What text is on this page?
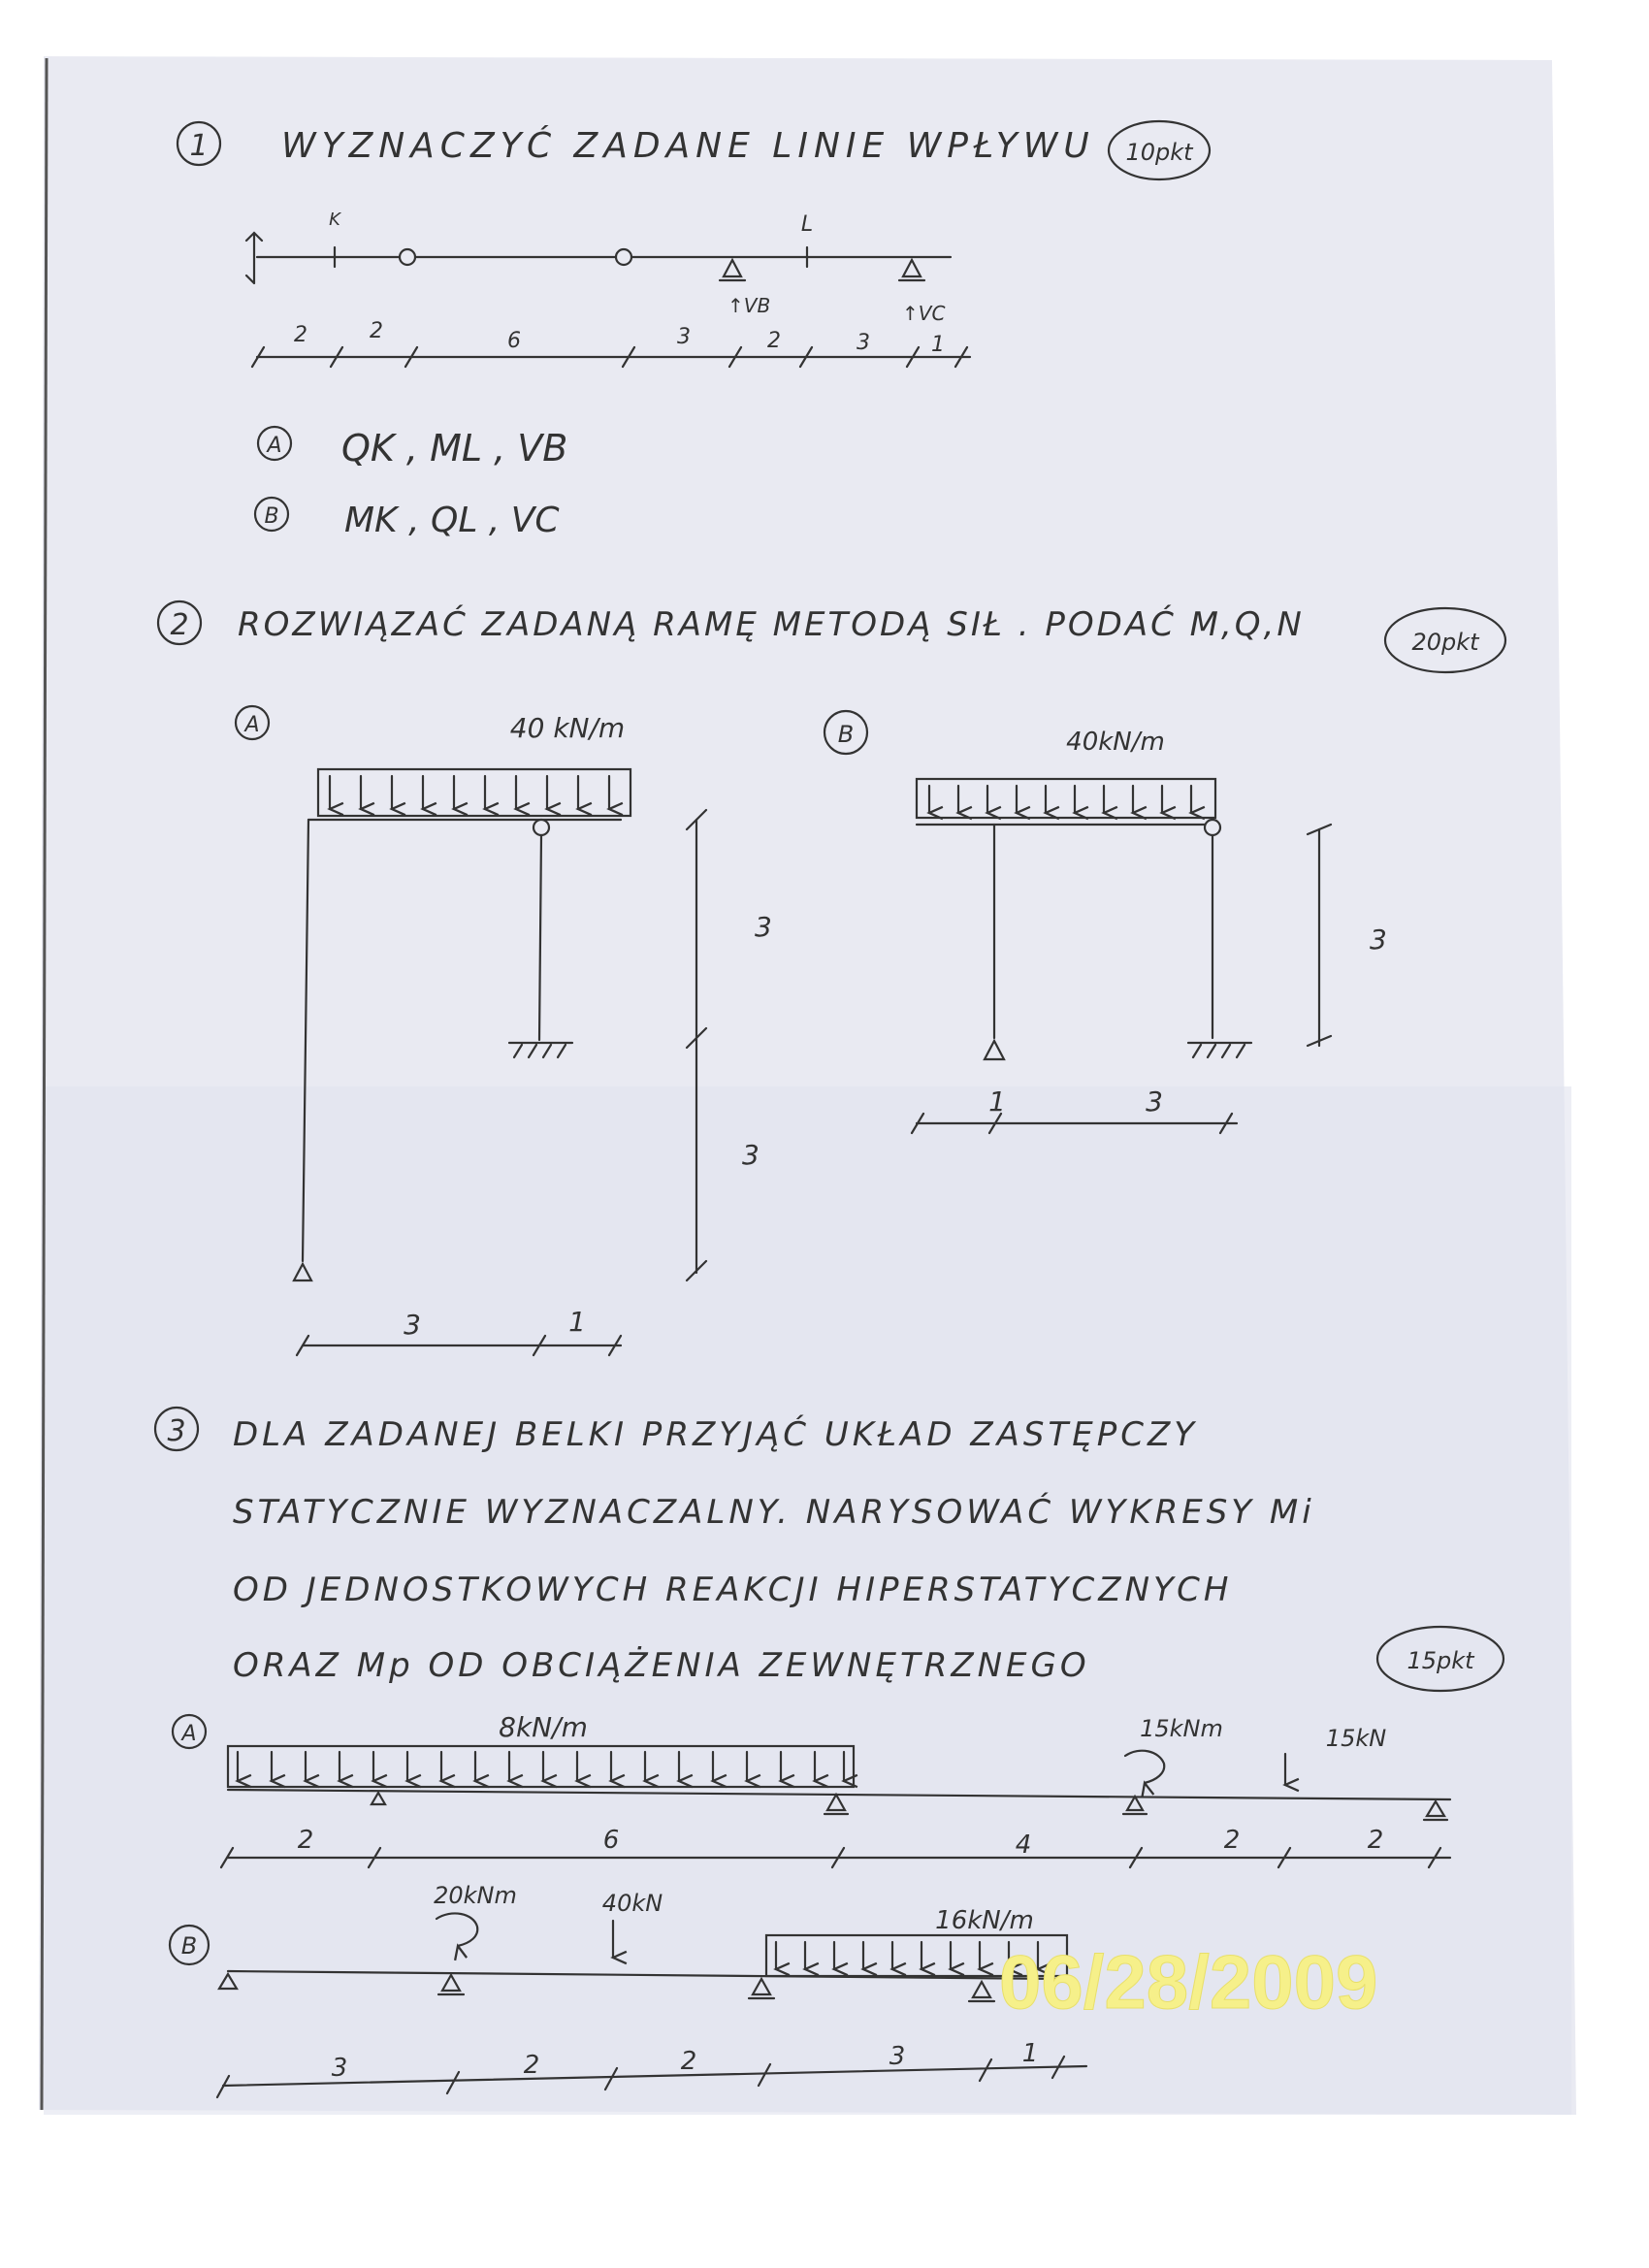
1 WYZNACZYĆ ZADANE LINIE WPŁYWU 10pkt
K	L
↑VB	↑VC
2	2	6	3	2	3	1
A QK , ML , VB
B MK , QL , VC
2 ROZWIĄZAĆ ZADANĄ RAMĘ METODĄ SIŁ . PODAĆ M,Q,N	20pkt
A	40 kN/m
3
3
3	1
B	40kN/m
3
1	3
3 DLA ZADANEJ BELKI PRZYJĄĆ UKŁAD ZASTĘPCZY
STATYCZNIE WYZNACZALNY. NARYSOWAĆ WYKRESY Mi
OD JEDNOSTKOWYCH REAKCJI HIPERSTATYCZNYCH
ORAZ Mp OD OBCIĄŻENIA ZEWNĘTRZNEGO	15pkt
A	8kN/m	15kNm	15kN
2	6	4	2	2
B
20kNm	40kN
16kN/m
3	2	2	3	1
06/28/2009
